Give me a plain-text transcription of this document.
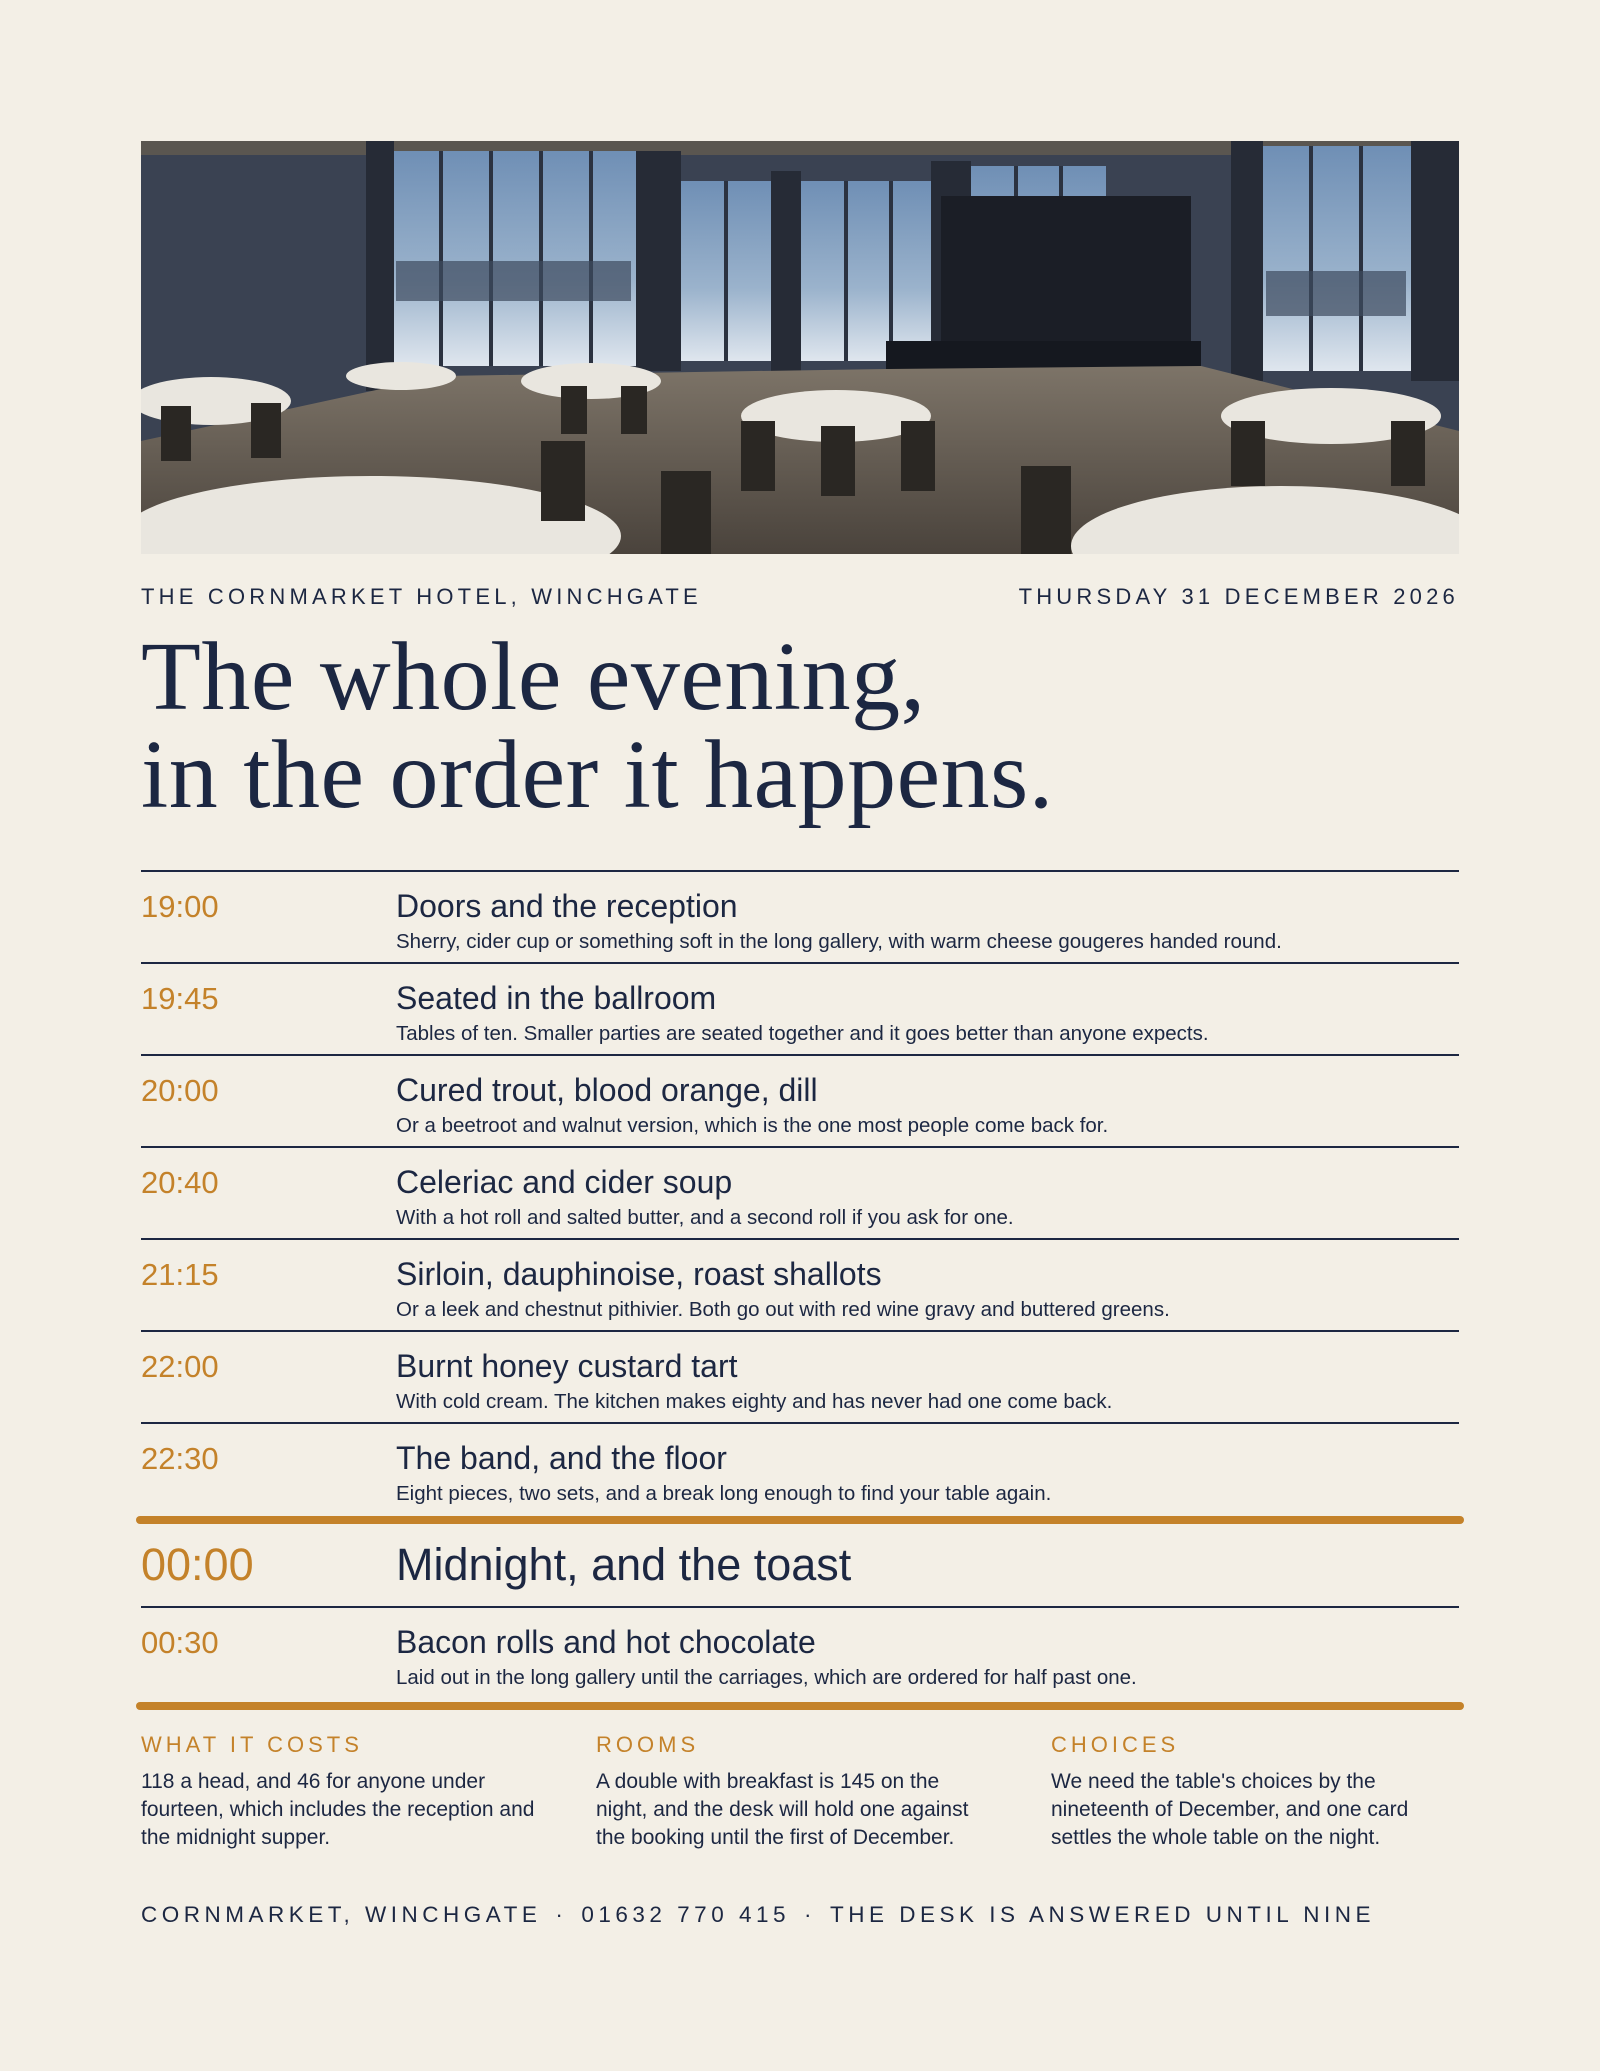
THE CORNMARKET HOTEL, WINCHGATE	THURSDAY 31 DECEMBER 2026
The whole evening,
in the order it happens.
19:00	Doors and the reception
Sherry, cider cup or something soft in the long gallery, with warm cheese gougeres handed round.
19:45	Seated in the ballroom
Tables of ten. Smaller parties are seated together and it goes better than anyone expects.
20:00	Cured trout, blood orange, dill
Or a beetroot and walnut version, which is the one most people come back for.
20:40	Celeriac and cider soup
With a hot roll and salted butter, and a second roll if you ask for one.
21:15	Sirloin, dauphinoise, roast shallots
Or a leek and chestnut pithivier. Both go out with red wine gravy and buttered greens.
22:00	Burnt honey custard tart
With cold cream. The kitchen makes eighty and has never had one come back.
22:30	The band, and the floor
Eight pieces, two sets, and a break long enough to find your table again.
00:00	Midnight, and the toast
00:30	Bacon rolls and hot chocolate
Laid out in the long gallery until the carriages, which are ordered for half past one.
WHAT IT COSTS
118 a head, and 46 for anyone under fourteen, which includes the reception and the midnight supper.
ROOMS
A double with breakfast is 145 on the night, and the desk will hold one against the booking until the first of December.
CHOICES
We need the table's choices by the nineteenth of December, and one card settles the whole table on the night.
CORNMARKET, WINCHGATE · 01632 770 415 · THE DESK IS ANSWERED UNTIL NINE
